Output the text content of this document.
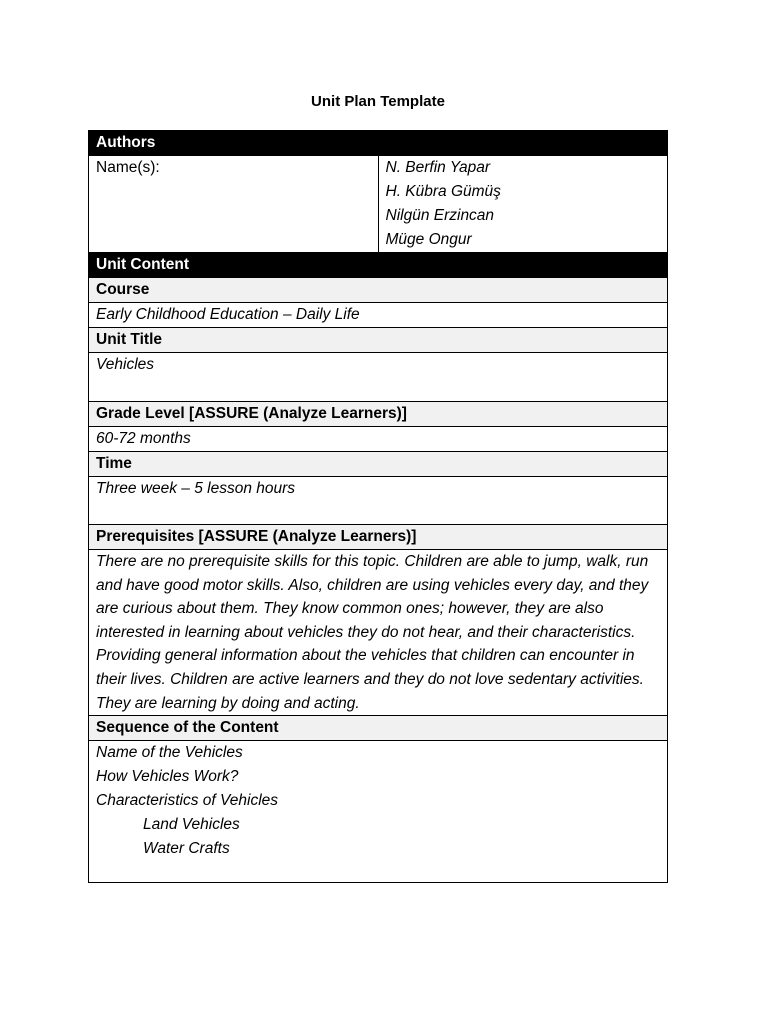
Unit Plan Template
Authors
Name(s):	N. Berfin Yapar
H. Kübra Gümüş
Nilgün Erzincan
Müge Ongur

Unit Content
Course
Early Childhood Education – Daily Life
Unit Title
Vehicles
Grade Level [ASSURE (Analyze Learners)]
60-72 months
Time
Three week – 5 lesson hours
Prerequisites [ASSURE (Analyze Learners)]
There are no prerequisite skills for this topic. Children are able to jump, walk, run and have good motor skills. Also, children are using vehicles every day, and they are curious about them. They know common ones; however, they are also interested in learning about vehicles they do not hear, and their characteristics. Providing general information about the vehicles that children can encounter in their lives. Children are active learners and they do not love sedentary activities. They are learning by doing and acting.
Sequence of the Content

Name of the Vehicles
How Vehicles Work?
Characteristics of Vehicles
Land Vehicles
Water Crafts
